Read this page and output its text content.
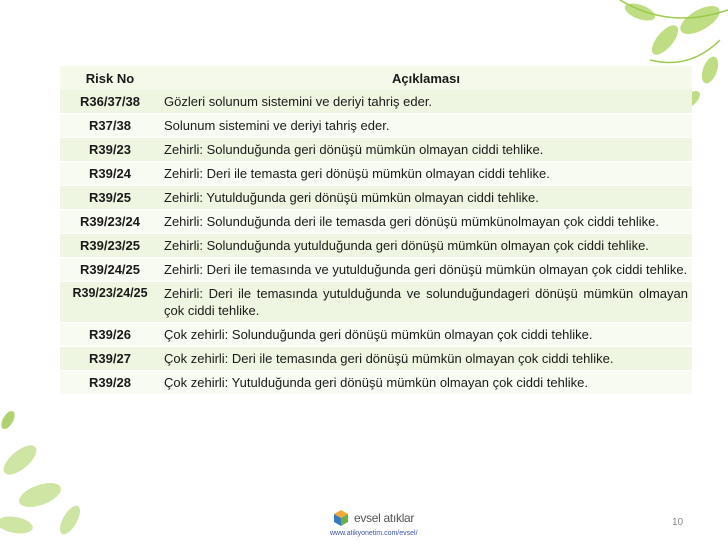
Risk No	Açıklaması
R36/37/38	Gözleri solunum sistemini ve deriyi tahriş eder.
R37/38	Solunum sistemini ve deriyi tahriş eder.
R39/23	Zehirli: Solunduğunda geri dönüşü mümkün olmayan ciddi tehlike.
R39/24	Zehirli: Deri ile temasta geri dönüşü mümkün olmayan ciddi tehlike.
R39/25	Zehirli: Yutulduğunda geri dönüşü mümkün olmayan ciddi tehlike.
R39/23/24	Zehirli: Solunduğunda deri ile temasda geri dönüşü mümkünolmayan çok ciddi tehlike.
R39/23/25	Zehirli: Solunduğunda yutulduğunda geri dönüşü mümkün olmayan çok ciddi tehlike.
R39/24/25	Zehirli: Deri ile temasında ve yutulduğunda geri dönüşü mümkün olmayan çok ciddi tehlike.
R39/23/24/25	Zehirli: Deri ile temasında yutulduğunda ve solunduğundageri dönüşü mümkün olmayan çok ciddi tehlike.
R39/26	Çok zehirli: Solunduğunda geri dönüşü mümkün olmayan çok ciddi tehlike.
R39/27	Çok zehirli: Deri ile temasında geri dönüşü mümkün olmayan çok ciddi tehlike.
R39/28	Çok zehirli: Yutulduğunda geri dönüşü mümkün olmayan çok ciddi tehlike.
evsel atıklar
www.atikyonetim.com/evsel/
10
